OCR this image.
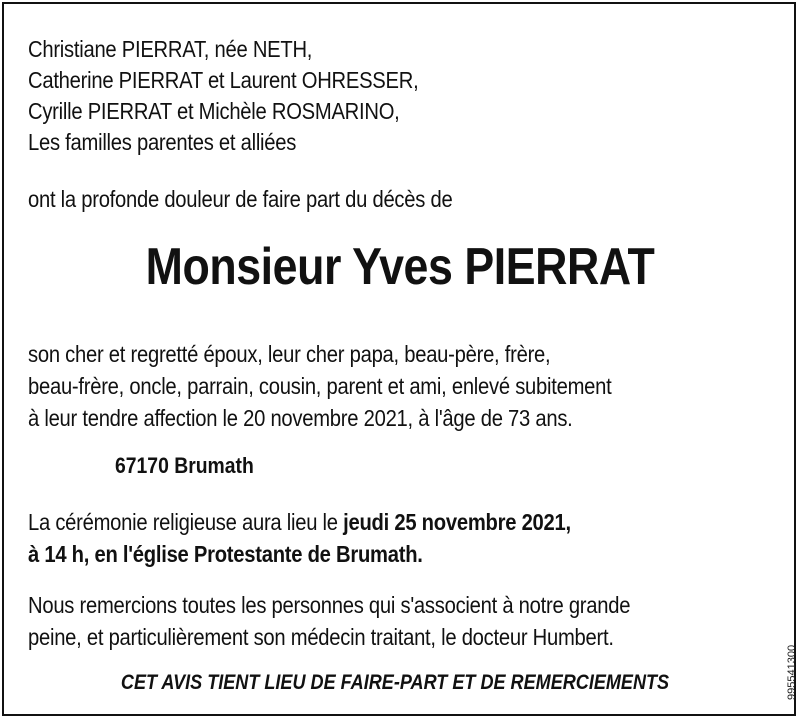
Christiane PIERRAT, née NETH,
Catherine PIERRAT et Laurent OHRESSER,
Cyrille PIERRAT et Michèle ROSMARINO,
Les familles parentes et alliées
ont la profonde douleur de faire part du décès de
Monsieur Yves PIERRAT
son cher et regretté époux, leur cher papa, beau-père, frère,
beau-frère, oncle, parrain, cousin, parent et ami, enlevé subitement
à leur tendre affection le 20 novembre 2021, à l'âge de 73 ans.
67170 Brumath
La cérémonie religieuse aura lieu le jeudi 25 novembre 2021,
à 14 h, en l'église Protestante de Brumath.
Nous remercions toutes les personnes qui s'associent à notre grande
peine, et particulièrement son médecin traitant, le docteur Humbert.
CET AVIS TIENT LIEU DE FAIRE-PART ET DE REMERCIEMENTS	995541300
